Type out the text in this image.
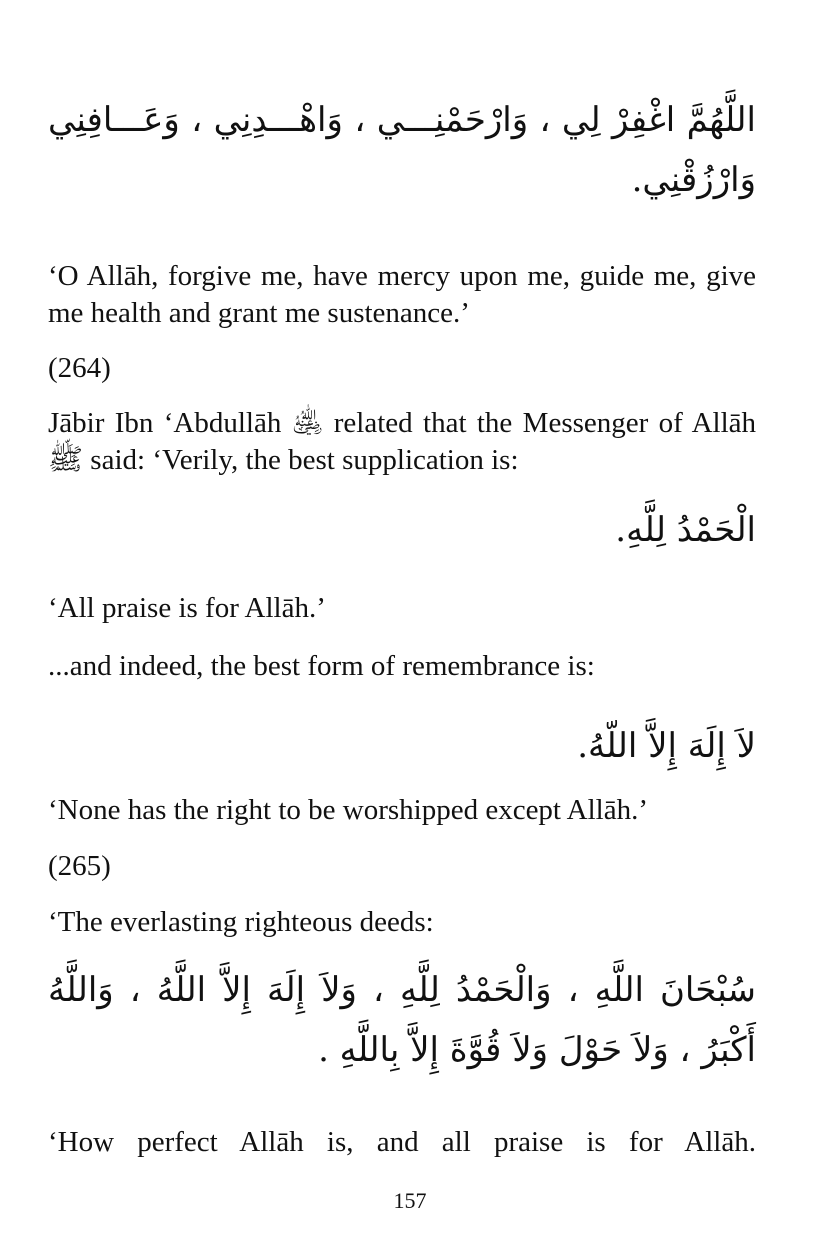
اللَّهُمَّ اغْفِرْ لِي ، وَارْحَمْنِـــي ، وَاهْـــدِنِي ، وَعَـــافِنِي وَارْزُقْنِي.
‘O Allāh, forgive me, have mercy upon me, guide me, give me health and grant me sustenance.’
(264)
Jābir Ibn ‘Abdullāh ﵁ related that the Messenger of Allāh ﷺ said: ‘Verily, the best supplication is:
الْحَمْدُ لِلَّهِ.
‘All praise is for Allāh.’
...and indeed, the best form of remembrance is:
لاَ إِلَهَ إِلاَّ اللّهُ.
‘None has the right to be worshipped except Allāh.’
(265)
‘The everlasting righteous deeds:
سُبْحَانَ اللَّهِ ، وَالْحَمْدُ لِلَّهِ ، وَلاَ إِلَهَ إِلاَّ اللَّهُ ، وَاللَّهُ أَكْبَرُ ، وَلاَ حَوْلَ وَلاَ قُوَّةَ إِلاَّ بِاللَّهِ .
‘How perfect Allāh is, and all praise is for Allāh.
157
